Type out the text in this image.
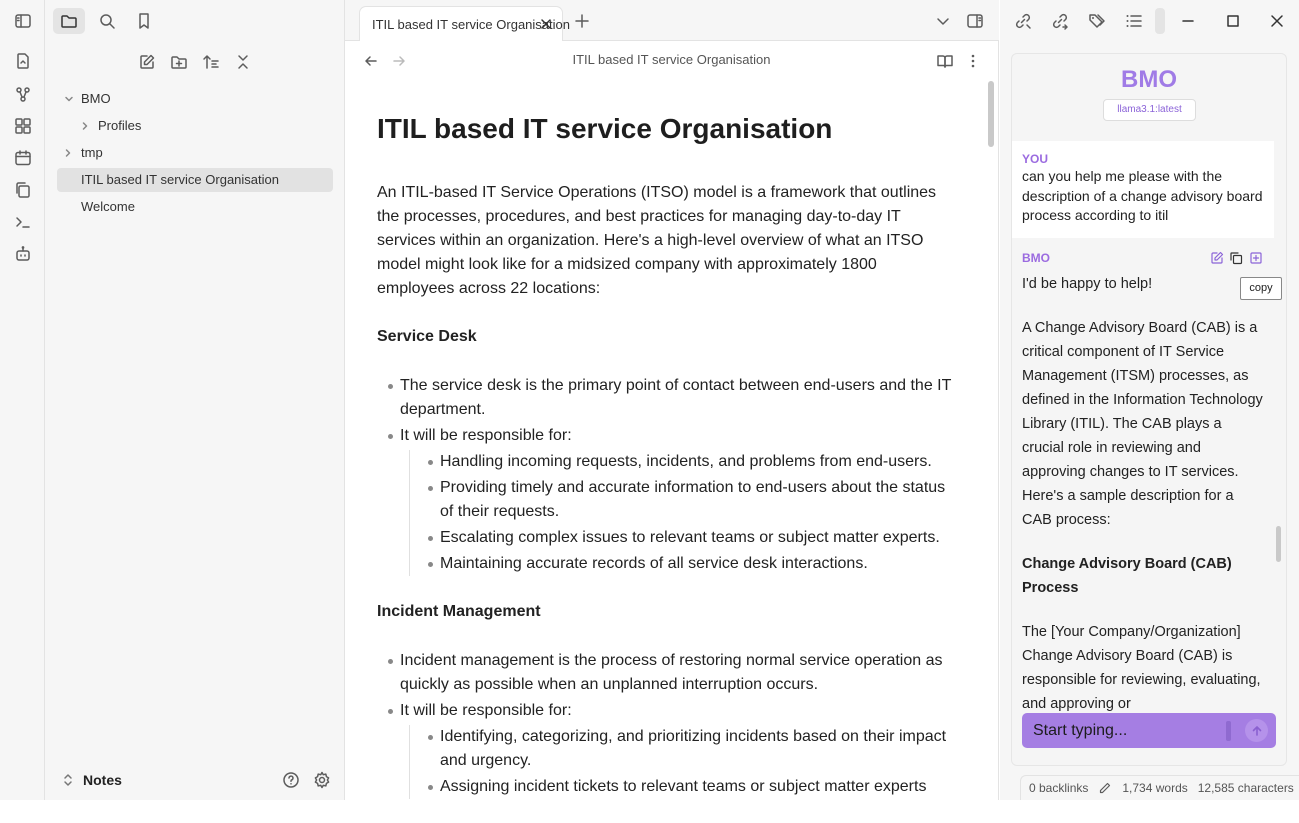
BMO
Profiles
tmp
ITIL based IT service Organisation
Welcome
Notes
ITIL based IT service Organisation
ITIL based IT service Organisation
ITIL based IT service Organisation

An ITIL-based IT Service Operations (ITSO) model is a framework that outlines the processes, procedures, and best practices for managing day-to-day IT services within an organization. Here's a high-level overview of what an ITSO model might look like for a midsized company with approximately 1800 employees across 22 locations:

Service Desk
The service desk is the primary point of contact between end-users and the IT department.
It will be responsible for:
Handling incoming requests, incidents, and problems from end-users.
Providing timely and accurate information to end-users about the status of their requests.
Escalating complex issues to relevant teams or subject matter experts.
Maintaining accurate records of all service desk interactions.
Incident Management
Incident management is the process of restoring normal service operation as quickly as possible when an unplanned interruption occurs.
It will be responsible for:
Identifying, categorizing, and prioritizing incidents based on their impact and urgency.
Assigning incident tickets to relevant teams or subject matter experts
BMO
llama3.1:latest
YOU
can you help me please with the description of a change advisory board process according to itil
BMO
I'd be happy to help!
A Change Advisory Board (CAB) is a critical component of IT Service Management (ITSM) processes, as defined in the Information Technology Library (ITIL). The CAB plays a crucial role in reviewing and approving changes to IT services. Here's a sample description for a CAB process:
Change Advisory Board (CAB) Process
The [Your Company/Organization] Change Advisory Board (CAB) is responsible for reviewing, evaluating, and approving or
Start typing...
copy
0 backlinks	1,734 words 12,585 characters
